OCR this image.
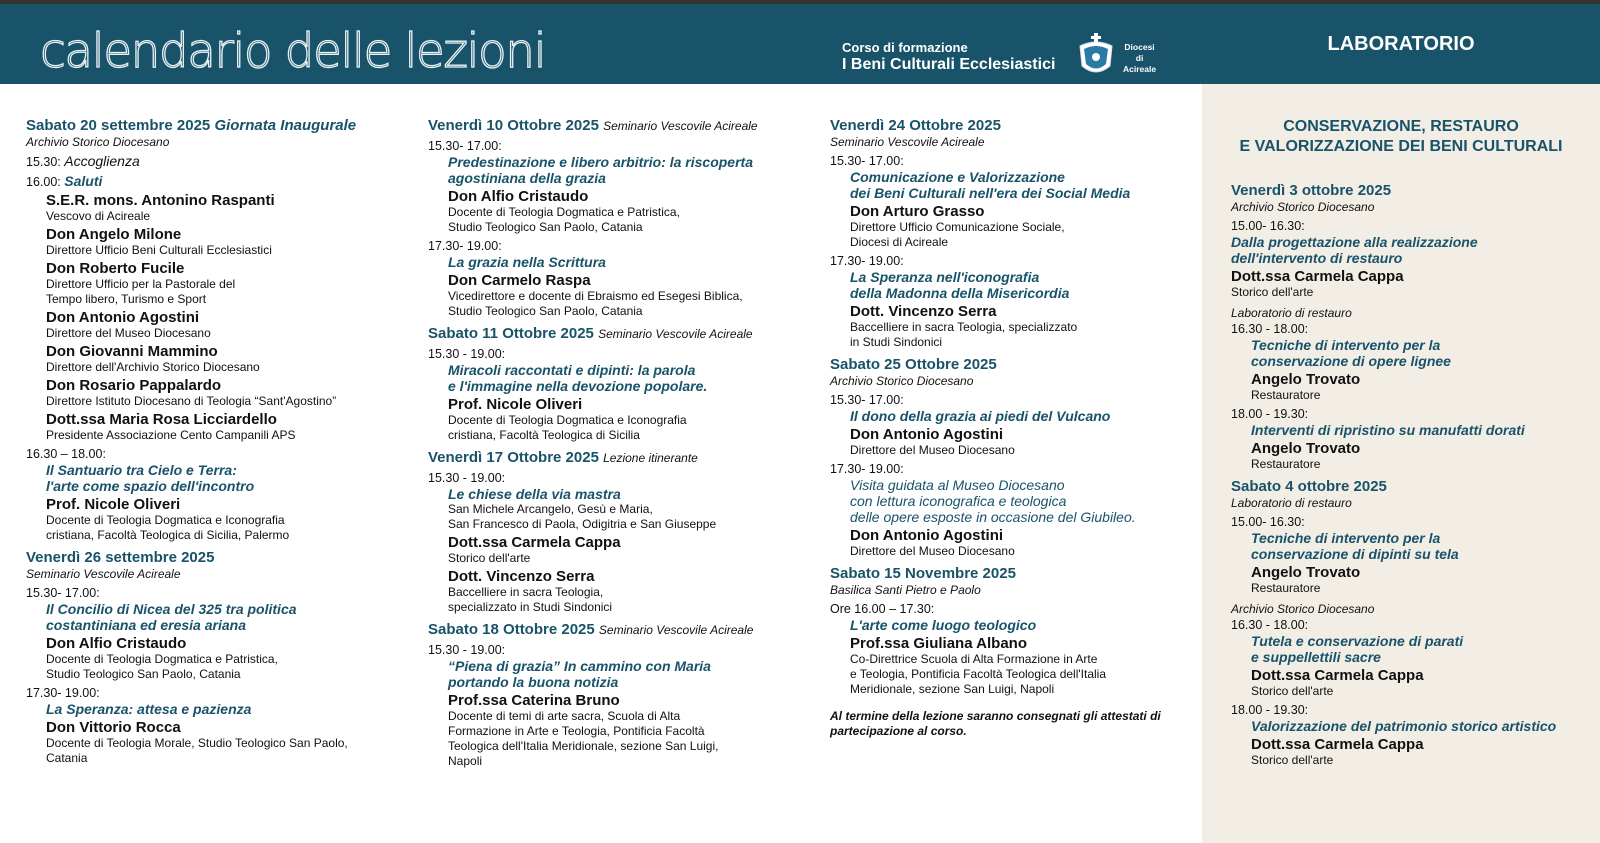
calendario delle lezioni	Corso di formazione
I Beni Culturali Ecclesiastici
Diocesi
di
Acireale
LABORATORIO
Sabato 20 settembre 2025 Giornata Inaugurale
Archivio Storico Diocesano
15.30: Accoglienza
16.00: Saluti
S.E.R. mons. Antonino Raspanti
Vescovo di Acireale
Don Angelo Milone
Direttore Ufficio Beni Culturali Ecclesiastici
Don Roberto Fucile
Direttore Ufficio per la Pastorale del
Tempo libero, Turismo e Sport
Don Antonio Agostini
Direttore del Museo Diocesano
Don Giovanni Mammino
Direttore dell'Archivio Storico Diocesano
Don Rosario Pappalardo
Direttore Istituto Diocesano di Teologia “Sant'Agostino”
Dott.ssa Maria Rosa Licciardello
Presidente Associazione Cento Campanili APS
16.30 – 18.00:
Il Santuario tra Cielo e Terra:
l'arte come spazio dell'incontro
Prof. Nicole Oliveri
Docente di Teologia Dogmatica e Iconografia
cristiana, Facoltà Teologica di Sicilia, Palermo
Venerdì 26 settembre 2025
Seminario Vescovile Acireale
15.30- 17.00:
Il Concilio di Nicea del 325 tra politica
costantiniana ed eresia ariana
Don Alfio Cristaudo
Docente di Teologia Dogmatica e Patristica,
Studio Teologico San Paolo, Catania
17.30- 19.00:
La Speranza: attesa e pazienza
Don Vittorio Rocca
Docente di Teologia Morale, Studio Teologico San Paolo,
Catania
Venerdì 10 Ottobre 2025 Seminario Vescovile Acireale
15.30- 17.00:
Predestinazione e libero arbitrio: la riscoperta
agostiniana della grazia
Don Alfio Cristaudo
Docente di Teologia Dogmatica e Patristica,
Studio Teologico San Paolo, Catania
17.30- 19.00:
La grazia nella Scrittura
Don Carmelo Raspa
Vicedirettore e docente di Ebraismo ed Esegesi Biblica,
Studio Teologico San Paolo, Catania
Sabato 11 Ottobre 2025 Seminario Vescovile Acireale
15.30 - 19.00:
Miracoli raccontati e dipinti: la parola
e l'immagine nella devozione popolare.
Prof. Nicole Oliveri
Docente di Teologia Dogmatica e Iconografia
cristiana, Facoltà Teologica di Sicilia
Venerdì 17 Ottobre 2025 Lezione itinerante
15.30 - 19.00:
Le chiese della via mastra
San Michele Arcangelo, Gesù e Maria,
San Francesco di Paola, Odigitria e San Giuseppe
Dott.ssa Carmela Cappa
Storico dell'arte
Dott. Vincenzo Serra
Baccelliere in sacra Teologia,
specializzato in Studi Sindonici
Sabato 18 Ottobre 2025 Seminario Vescovile Acireale
15.30 - 19.00:
“Piena di grazia” In cammino con Maria
portando la buona notizia
Prof.ssa Caterina Bruno
Docente di temi di arte sacra, Scuola di Alta
Formazione in Arte e Teologia, Pontificia Facoltà
Teologica dell'Italia Meridionale, sezione San Luigi,
Napoli
Venerdì 24 Ottobre 2025
Seminario Vescovile Acireale
15.30- 17.00:
Comunicazione e Valorizzazione
dei Beni Culturali nell'era dei Social Media
Don Arturo Grasso
Direttore Ufficio Comunicazione Sociale,
Diocesi di Acireale
17.30- 19.00:
La Speranza nell'iconografia
della Madonna della Misericordia
Dott. Vincenzo Serra
Baccelliere in sacra Teologia, specializzato
in Studi Sindonici
Sabato 25 Ottobre 2025
Archivio Storico Diocesano
15.30- 17.00:
Il dono della grazia ai piedi del Vulcano
Don Antonio Agostini
Direttore del Museo Diocesano
17.30- 19.00:
Visita guidata al Museo Diocesano
con lettura iconografica e teologica
delle opere esposte in occasione del Giubileo.
Don Antonio Agostini
Direttore del Museo Diocesano
Sabato 15 Novembre 2025
Basilica Santi Pietro e Paolo
Ore 16.00 – 17.30:
L'arte come luogo teologico
Prof.ssa Giuliana Albano
Co-Direttrice Scuola di Alta Formazione in Arte
e Teologia, Pontificia Facoltà Teologica dell'Italia
Meridionale, sezione San Luigi, Napoli
Al termine della lezione saranno consegnati gli attestati di
partecipazione al corso.
CONSERVAZIONE, RESTAURO
E VALORIZZAZIONE DEI BENI CULTURALI
Venerdì 3 ottobre 2025
Archivio Storico Diocesano
15.00- 16.30:
Dalla progettazione alla realizzazione
dell'intervento di restauro
Dott.ssa Carmela Cappa
Storico dell'arte
Laboratorio di restauro
16.30 - 18.00:
Tecniche di intervento per la
conservazione di opere lignee
Angelo Trovato
Restauratore
18.00 - 19.30:
Interventi di ripristino su manufatti dorati
Angelo Trovato
Restauratore
Sabato 4 ottobre 2025
Laboratorio di restauro
15.00- 16.30:
Tecniche di intervento per la
conservazione di dipinti su tela
Angelo Trovato
Restauratore
Archivio Storico Diocesano
16.30 - 18.00:
Tutela e conservazione di parati
e suppellettili sacre
Dott.ssa Carmela Cappa
Storico dell'arte
18.00 - 19.30:
Valorizzazione del patrimonio storico artistico
Dott.ssa Carmela Cappa
Storico dell'arte
